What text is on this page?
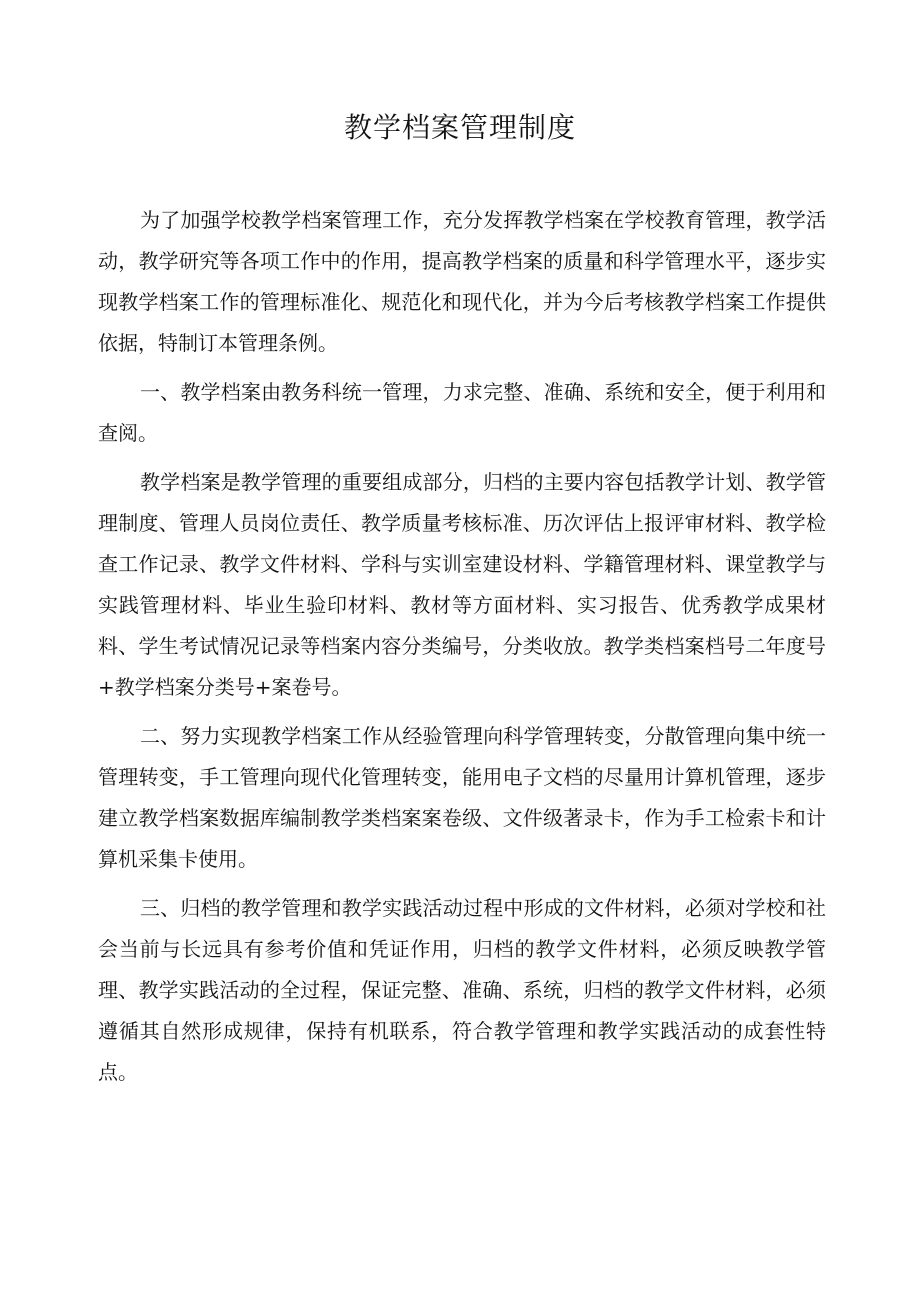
教学档案管理制度

为了加强学校教学档案管理工作，充分发挥教学档案在学校教育管理，教学活动，教学研究等各项工作中的作用，提高教学档案的质量和科学管理水平，逐步实现教学档案工作的管理标准化、规范化和现代化，并为今后考核教学档案工作提供依据，特制订本管理条例。

一、教学档案由教务科统一管理，力求完整、准确、系统和安全，便于利用和查阅。

教学档案是教学管理的重要组成部分，归档的主要内容包括教学计划、教学管理制度、管理人员岗位责任、教学质量考核标准、历次评估上报评审材料、教学检查工作记录、教学文件材料、学科与实训室建设材料、学籍管理材料、课堂教学与实践管理材料、毕业生验印材料、教材等方面材料、实习报告、优秀教学成果材料、学生考试情况记录等档案内容分类编号，分类收放。教学类档案档号二年度号+教学档案分类号+案卷号。

二、努力实现教学档案工作从经验管理向科学管理转变，分散管理向集中统一管理转变，手工管理向现代化管理转变，能用电子文档的尽量用计算机管理，逐步建立教学档案数据库编制教学类档案案卷级、文件级著录卡，作为手工检索卡和计算机采集卡使用。

三、归档的教学管理和教学实践活动过程中形成的文件材料，必须对学校和社会当前与长远具有参考价值和凭证作用，归档的教学文件材料，必须反映教学管理、教学实践活动的全过程，保证完整、准确、系统，归档的教学文件材料，必须遵循其自然形成规律，保持有机联系，符合教学管理和教学实践活动的成套性特点。
